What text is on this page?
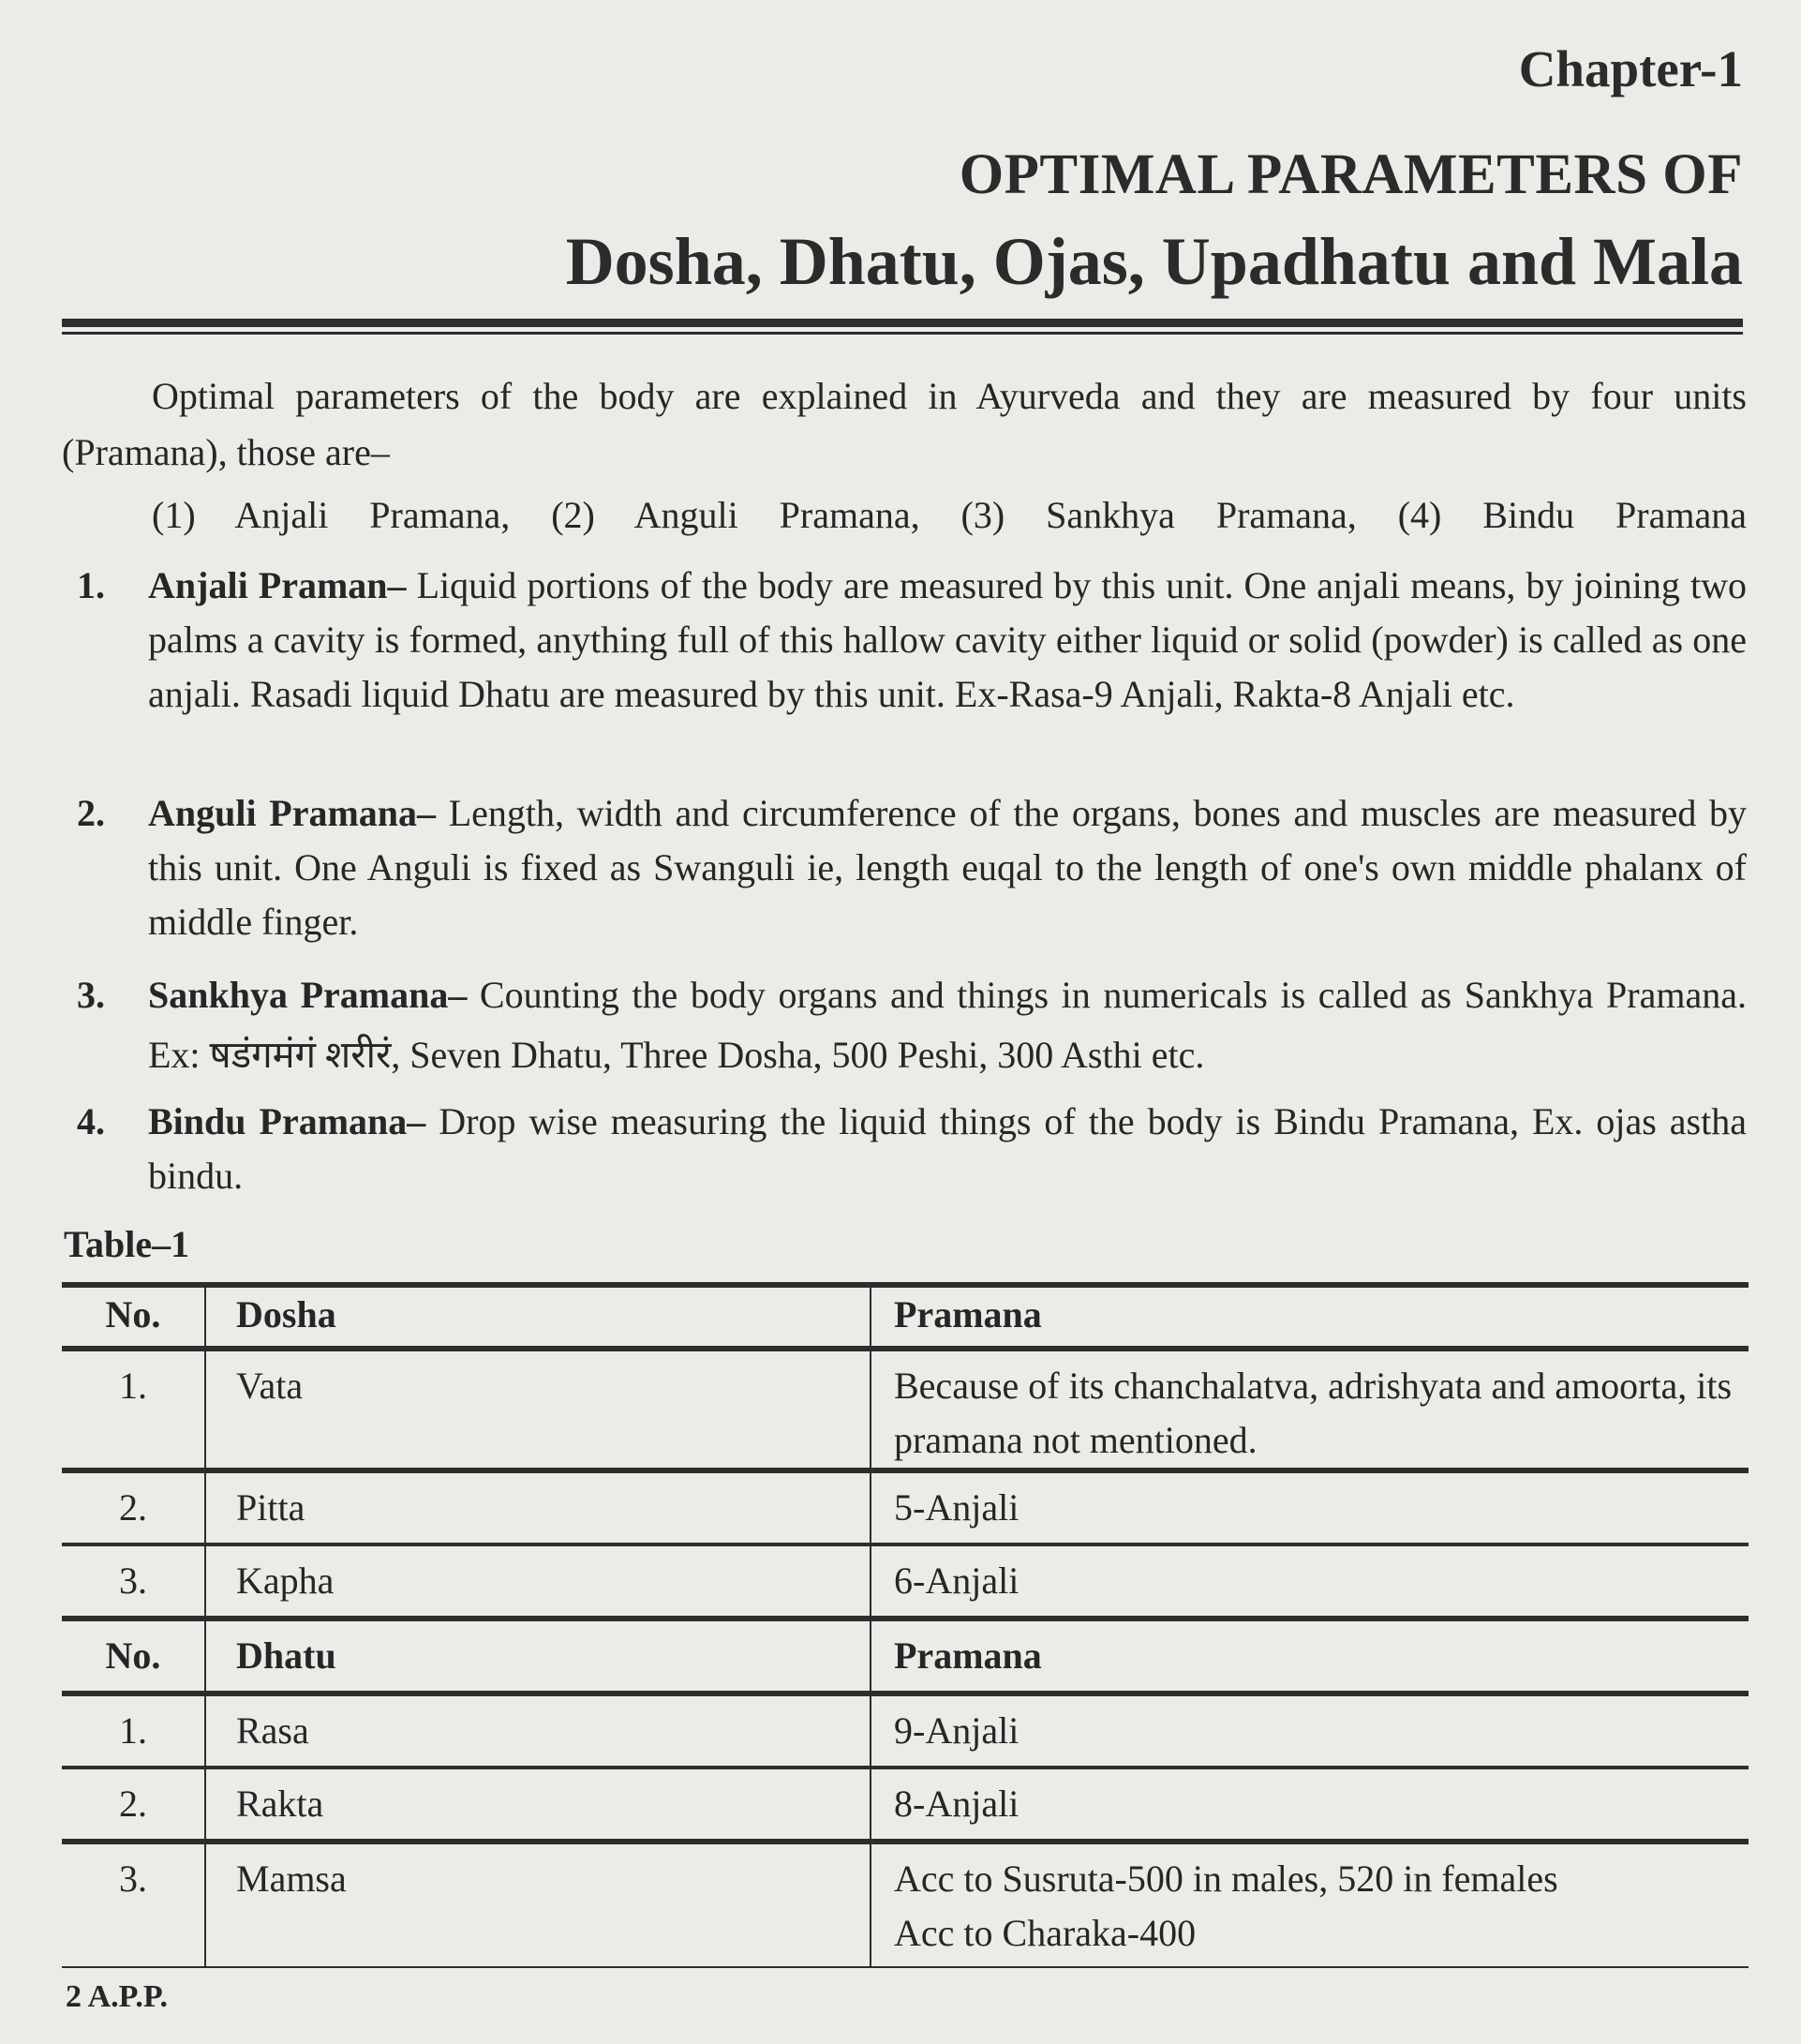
Chapter-1
OPTIMAL PARAMETERS OF
Dosha, Dhatu, Ojas, Upadhatu and Mala

Optimal parameters of the body are explained in Ayurveda and they are measured by four units (Pramana), those are–

(1) Anjali Pramana, (2) Anguli Pramana, (3) Sankhya Pramana, (4) Bindu Pramana

1. Anjali Praman– Liquid portions of the body are measured by this unit. One anjali means, by joining two palms a cavity is formed, anything full of this hallow cavity either liquid or solid (powder) is called as one anjali. Rasadi liquid Dhatu are measured by this unit. Ex-Rasa-9 Anjali, Rakta-8 Anjali etc.
2. Anguli Pramana– Length, width and circumference of the organs, bones and muscles are measured by this unit. One Anguli is fixed as Swanguli ie, length euqal to the length of one's own middle phalanx of middle finger.
3. Sankhya Pramana– Counting the body organs and things in numericals is called as Sankhya Pramana. Ex: षडंगमंगं शरीरं, Seven Dhatu, Three Dosha, 500 Peshi, 300 Asthi etc.
4. Bindu Pramana– Drop wise measuring the liquid things of the body is Bindu Pramana, Ex. ojas astha bindu.
Table–1
No.	Dosha	Pramana
1.	Vata	Because of its chanchalatva, adrishyata and amoorta, its pramana not mentioned.
2.	Pitta	5-Anjali
3.	Kapha	6-Anjali
No.	Dhatu	Pramana
1.	Rasa	9-Anjali
2.	Rakta	8-Anjali
3.	Mamsa	Acc to Susruta-500 in males, 520 in females
Acc to Charaka-400
2 A.P.P.
